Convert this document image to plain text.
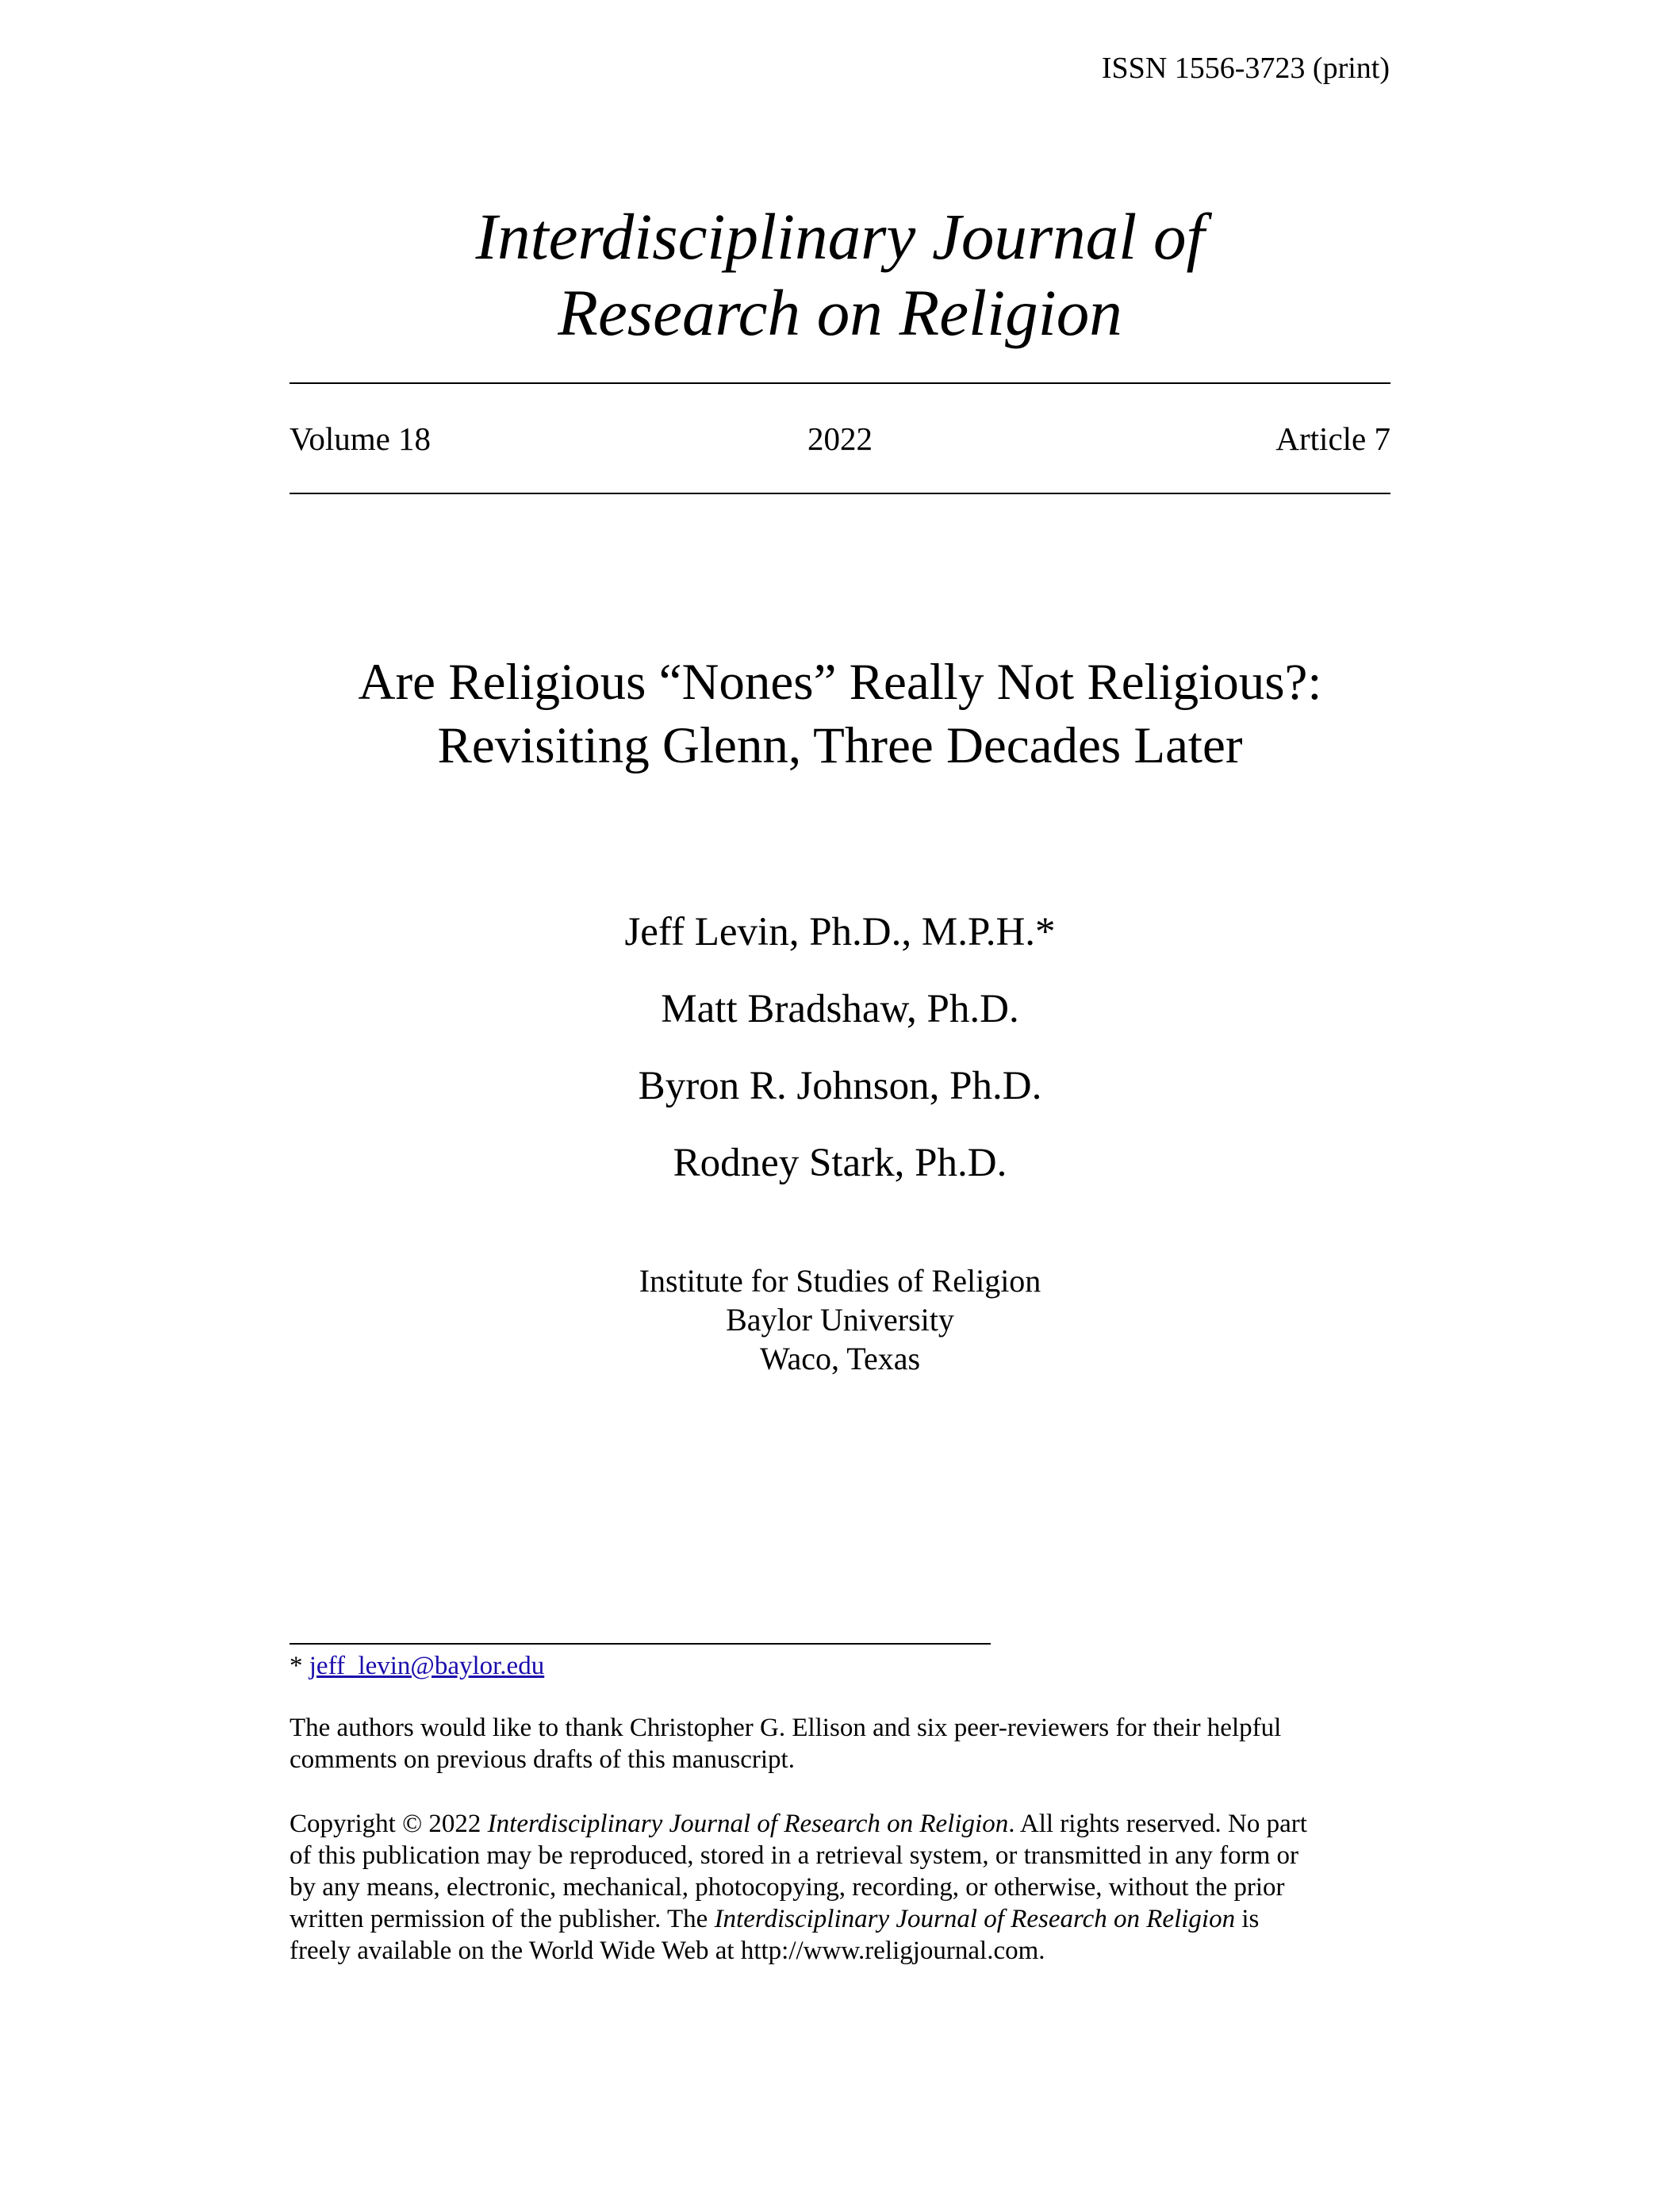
ISSN 1556-3723 (print)
Interdisciplinary Journal of
Research on Religion
Volume 18	2022	Article 7
Are Religious “Nones” Really Not Religious?:
Revisiting Glenn, Three Decades Later
Jeff Levin, Ph.D., M.P.H.*
Matt Bradshaw, Ph.D.
Byron R. Johnson, Ph.D.
Rodney Stark, Ph.D.
Institute for Studies of Religion
Baylor University
Waco, Texas
* jeff_levin@baylor.edu

The authors would like to thank Christopher G. Ellison and six peer-reviewers for their helpful

comments on previous drafts of this manuscript.

Copyright © 2022 Interdisciplinary Journal of Research on Religion. All rights reserved. No part

of this publication may be reproduced, stored in a retrieval system, or transmitted in any form or

by any means, electronic, mechanical, photocopying, recording, or otherwise, without the prior

written permission of the publisher. The Interdisciplinary Journal of Research on Religion is

freely available on the World Wide Web at http://www.religjournal.com.
